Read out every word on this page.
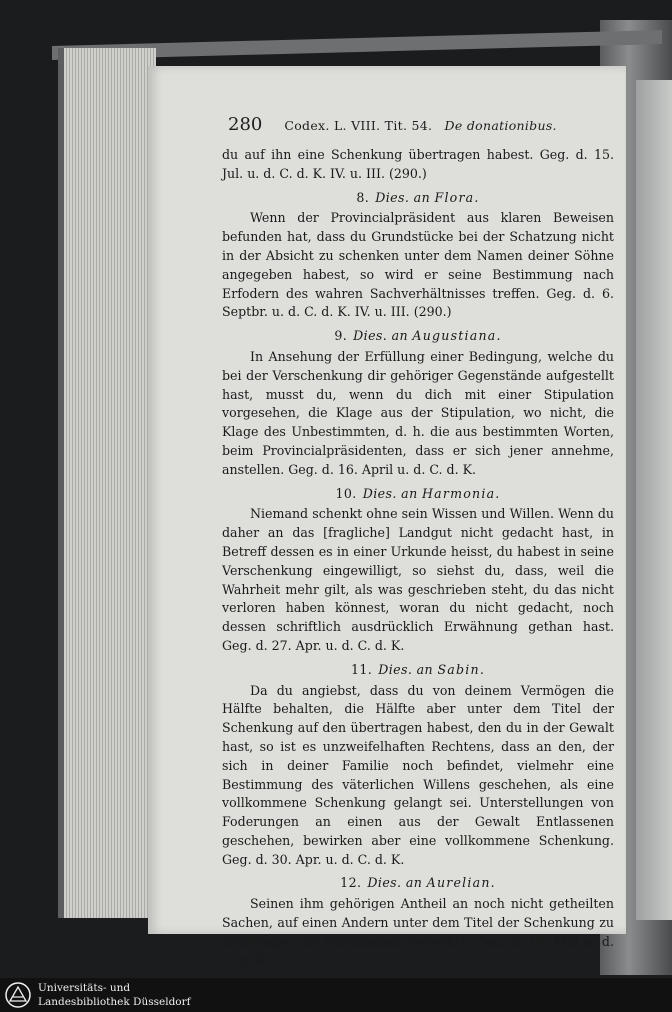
280 Codex. L. VIII. Tit. 54. De donationibus.

du auf ihn eine Schenkung übertragen habest. Geg. d. 15. Jul. u. d. C. d. K. IV. u. III. (290.)

8. Dies. an Flora.

Wenn der Provincialpräsident aus klaren Beweisen befunden hat, dass du Grundstücke bei der Schatzung nicht in der Absicht zu schenken unter dem Namen deiner Söhne angegeben habest, so wird er seine Bestimmung nach Erfodern des wahren Sachverhältnisses treffen. Geg. d. 6. Septbr. u. d. C. d. K. IV. u. III. (290.)

9. Dies. an Augustiana.

In Ansehung der Erfüllung einer Bedingung, welche du bei der Verschenkung dir gehöriger Gegenstände aufgestellt hast, musst du, wenn du dich mit einer Stipulation vorgesehen, die Klage aus der Stipulation, wo nicht, die Klage des Unbestimmten, d. h. die aus bestimmten Worten, beim Provincialpräsidenten, dass er sich jener annehme, anstellen. Geg. d. 16. April u. d. C. d. K.

10. Dies. an Harmonia.

Niemand schenkt ohne sein Wissen und Willen. Wenn du daher an das [fragliche] Landgut nicht gedacht hast, in Betreff dessen es in einer Urkunde heisst, du habest in seine Verschenkung eingewilligt, so siehst du, dass, weil die Wahrheit mehr gilt, als was geschrieben steht, du das nicht verloren haben könnest, woran du nicht gedacht, noch dessen schriftlich ausdrücklich Erwähnung gethan hast. Geg. d. 27. Apr. u. d. C. d. K.

11. Dies. an Sabin.

Da du angiebst, dass du von deinem Vermögen die Hälfte behalten, die Hälfte aber unter dem Titel der Schenkung auf den übertragen habest, den du in der Gewalt hast, so ist es unzweifelhaften Rechtens, dass an den, der sich in deiner Familie noch befindet, vielmehr eine Bestimmung des väterlichen Willens geschehen, als eine vollkommene Schenkung gelangt sei. Unterstellungen von Foderungen an einen aus der Gewalt Entlassenen geschehen, bewirken aber eine vollkommene Schenkung. Geg. d. 30. Apr. u. d. C. d. K.

12. Dies. an Aurelian.

Seinen ihm gehörigen Antheil an noch nicht getheilten Sachen, auf einen Andern unter dem Titel der Schenkung zu übertragen, ist Niemandem verwehrt. Geg. d. 16. Mai u. d. C. d. K.

Universitäts- und
Landesbibliothek Düsseldorf
